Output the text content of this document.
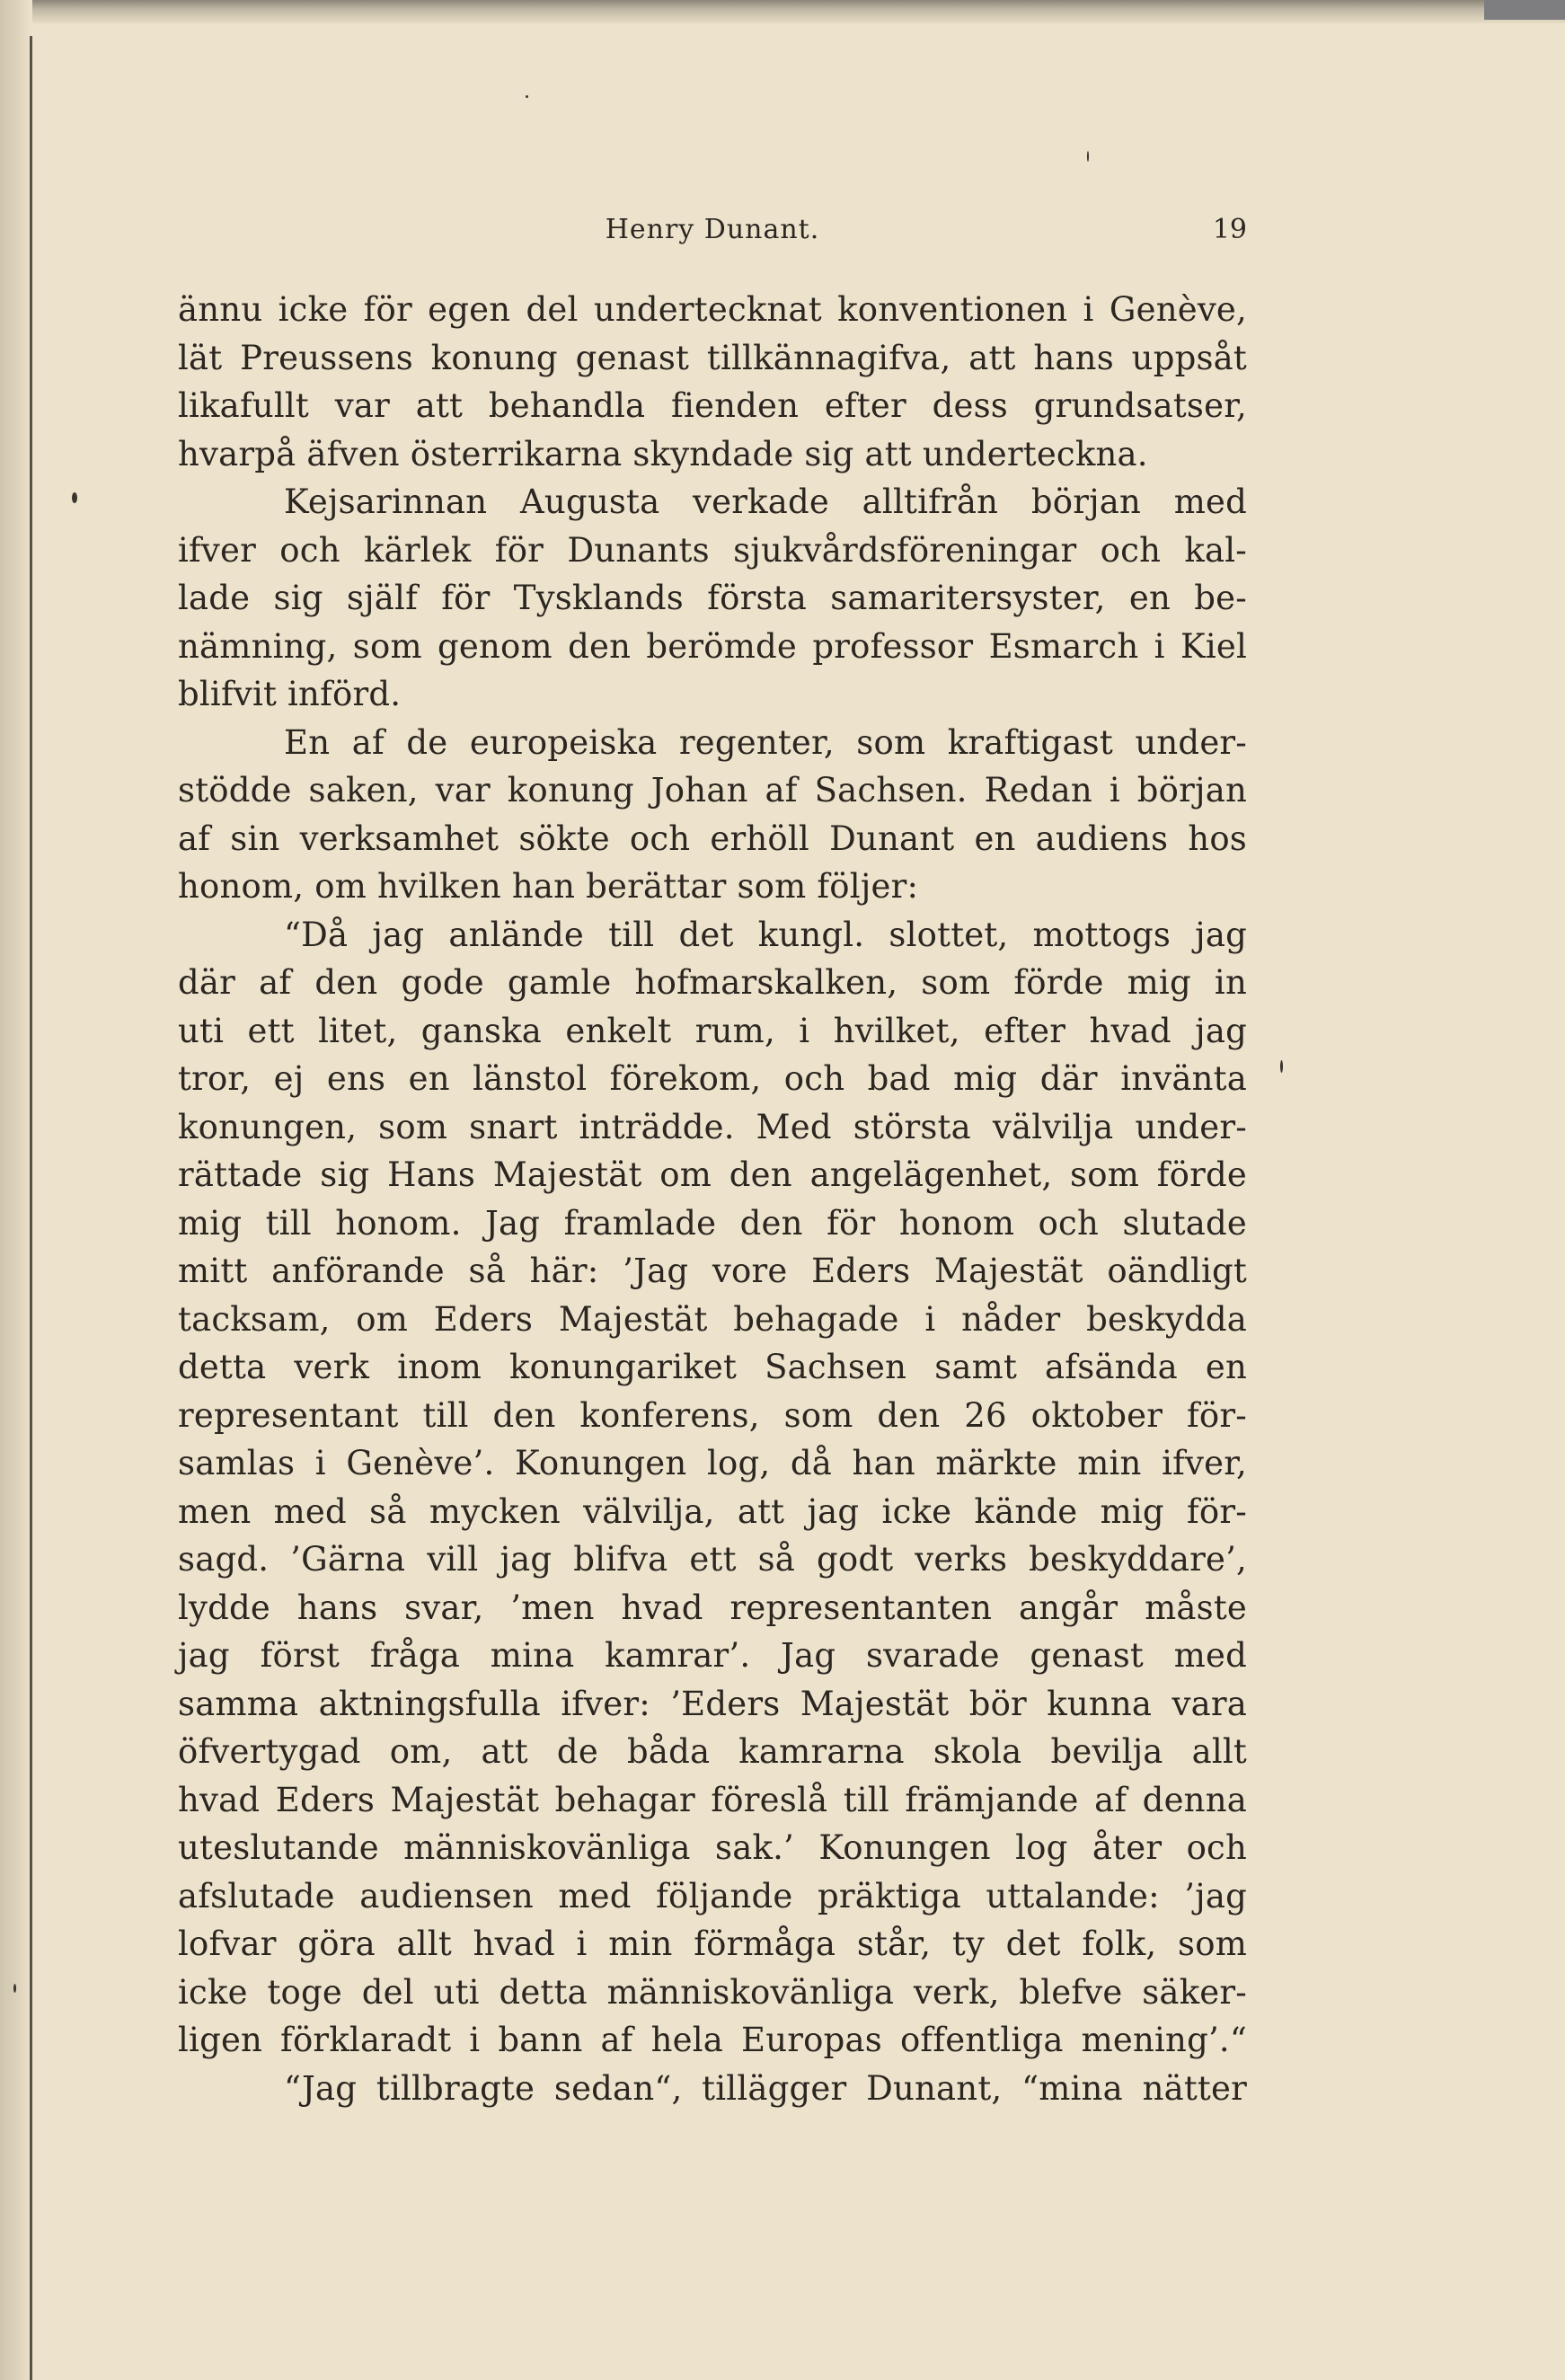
Henry Dunant.	19
ännu icke för egen del undertecknat konventionen i Genève,
lät Preussens konung genast tillkännagifva, att hans uppsåt
likafullt var att behandla fienden efter dess grundsatser,
hvarpå äfven österrikarna skyndade sig att underteckna.
Kejsarinnan Augusta verkade alltifrån början med
ifver och kärlek för Dunants sjukvårdsföreningar och kal-
lade sig själf för Tysklands första samaritersyster, en be-
nämning, som genom den berömde professor Esmarch i Kiel
blifvit införd.
En af de europeiska regenter, som kraftigast under-
stödde saken, var konung Johan af Sachsen. Redan i början
af sin verksamhet sökte och erhöll Dunant en audiens hos
honom, om hvilken han berättar som följer:
“Då jag anlände till det kungl. slottet, mottogs jag
där af den gode gamle hofmarskalken, som förde mig in
uti ett litet, ganska enkelt rum, i hvilket, efter hvad jag
tror, ej ens en länstol förekom, och bad mig där invänta
konungen, som snart inträdde. Med största välvilja under-
rättade sig Hans Majestät om den angelägenhet, som förde
mig till honom. Jag framlade den för honom och slutade
mitt anförande så här: ’Jag vore Eders Majestät oändligt
tacksam, om Eders Majestät behagade i nåder beskydda
detta verk inom konungariket Sachsen samt afsända en
representant till den konferens, som den 26 oktober för-
samlas i Genève’. Konungen log, då han märkte min ifver,
men med så mycken välvilja, att jag icke kände mig för-
sagd. ’Gärna vill jag blifva ett så godt verks beskyddare’,
lydde hans svar, ’men hvad representanten angår måste
jag först fråga mina kamrar’. Jag svarade genast med
samma aktningsfulla ifver: ’Eders Majestät bör kunna vara
öfvertygad om, att de båda kamrarna skola bevilja allt
hvad Eders Majestät behagar föreslå till främjande af denna
uteslutande människovänliga sak.’ Konungen log åter och
afslutade audiensen med följande präktiga uttalande: ’jag
lofvar göra allt hvad i min förmåga står, ty det folk, som
icke toge del uti detta människovänliga verk, blefve säker-
ligen förklaradt i bann af hela Europas offentliga mening’.“
“Jag tillbragte sedan“, tillägger Dunant, “mina nätter
